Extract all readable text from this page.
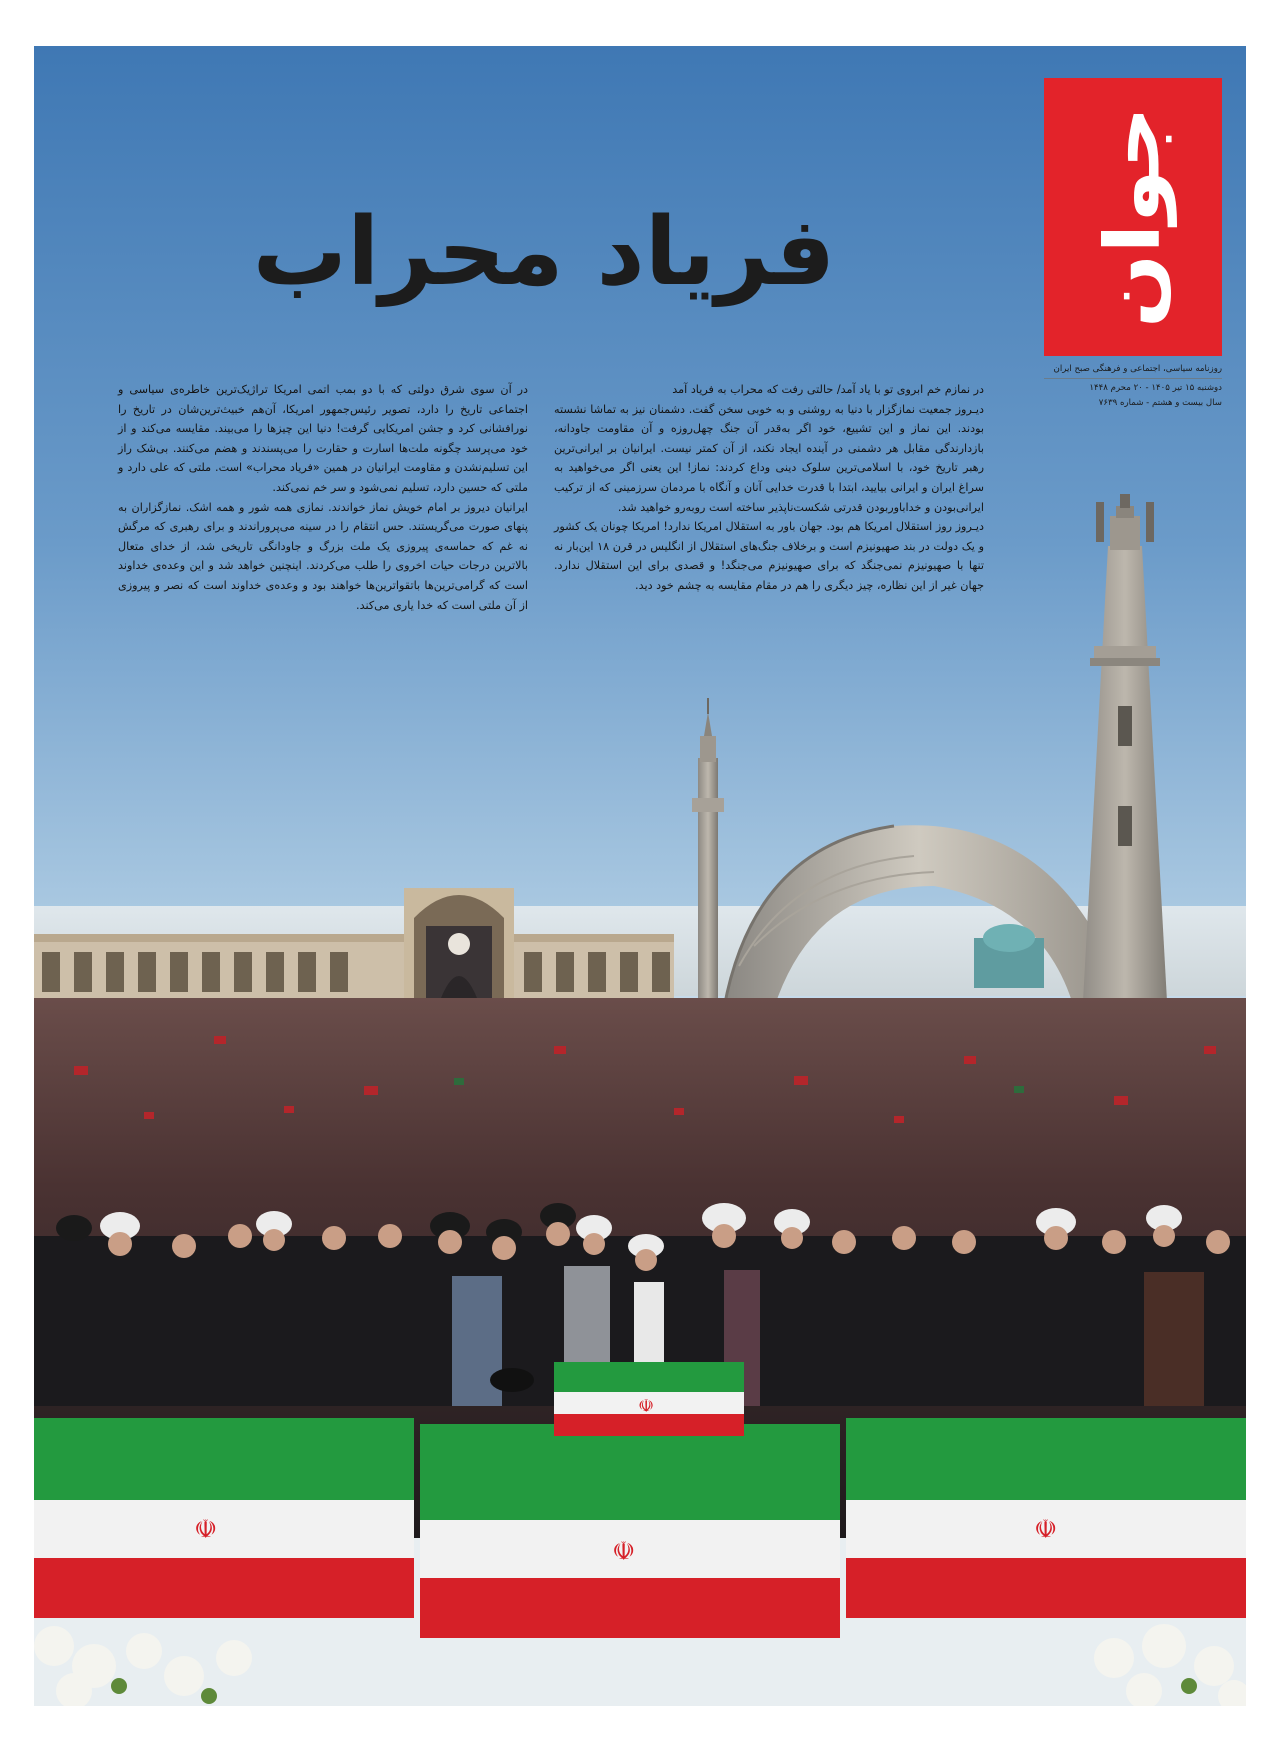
☫
☫
☫
☫
جوان
روزنامه سیاسی، اجتماعی و فرهنگی صبح ایران
دوشنبه ۱۵ تیر ۱۴۰۵ - ۲۰ محرم ۱۴۴۸
سال بیست و هشتم - شماره ۷۶۳۹
فریاد محراب

در نمازم خم ابروی تو با یاد آمد/ حالتی رفت که محراب به فریاد آمد

دیـروز جمعیت نمازگزار با دنیا به روشنی و به خوبی سخن گفت. دشمنان نیز به تماشا نشسته بودند. این نماز و این تشییع، خود اگر به‌قدر آن جنگ چهل‌روزه و آن مقاومت جاودانه، بازدارندگی مقابل هر دشمنی در آینده ایجاد نکند، از آن کمتر نیست. ایرانیان بر ایرانی‌ترین رهبر تاریخ خود، با اسلامی‌ترین سلوک دینی وداع کردند: نماز! این یعنی اگر می‌خواهید به سراغ ایران و ایرانی بیایید، ابتدا با قدرت خدایی آنان و آنگاه با مردمان سرزمینی که از ترکیب ایرانی‌بودن و خداباوربودن قدرتی شکست‌ناپذیر ساخته است روبه‌رو خواهید شد.

دیـروز روز استقلال امریکا هم بود. جهان باور به استقلال امریکا ندارد! امریکا چونان یک کشور و یک دولت در بند صهیونیزم است و برخلاف جنگ‌های استقلال از انگلیس در قرن ۱۸ این‌بار نه تنها با صهیونیزم نمی‌جنگد که برای صهیونیزم می‌جنگد! و قصدی برای این استقلال ندارد. جهان غیر از این نظاره، چیز دیگری را هم در مقام مقایسه به چشم خود دید.

در آن سوی شرق دولتی که با دو بمب اتمی امریکا تراژیک‌ترین خاطره‌ی سیاسی و اجتماعی تاریخ را دارد، تصویر رئیس‌جمهور امریکا، آن‌هم خبیث‌ترین‌شان در تاریخ را نورافشانی کرد و جشن امریکایی گرفت! دنیا این چیزها را می‌بیند. مقایسه می‌کند و از خود می‌پرسد چگونه ملت‌ها اسارت و حقارت را می‌پسندند و هضم می‌کنند. بی‌شک راز این تسلیم‌نشدن و مقاومت ایرانیان در همین «فریاد محراب» است. ملتی که علی دارد و ملتی که حسین دارد، تسلیم نمی‌شود و سر خم نمی‌کند.

ایرانیان دیروز بر امام خویش نماز خواندند. نمازی همه شور و همه اشک. نمازگزاران به پنهای صورت می‌گریستند. حس انتقام را در سینه می‌پروراندند و برای رهبری که مرگش نه غم که حماسه‌ی پیروزی یک ملت بزرگ و جاودانگی تاریخی شد، از خدای متعال بالاترین درجات حیات اخروی را طلب می‌کردند. اینچنین خواهد شد و این وعده‌ی خداوند است که گرامی‌ترین‌ها باتقواترین‌ها خواهند بود و وعده‌ی خداوند است که نصر و پیروزی از آن ملتی است که خدا یاری می‌کند.
